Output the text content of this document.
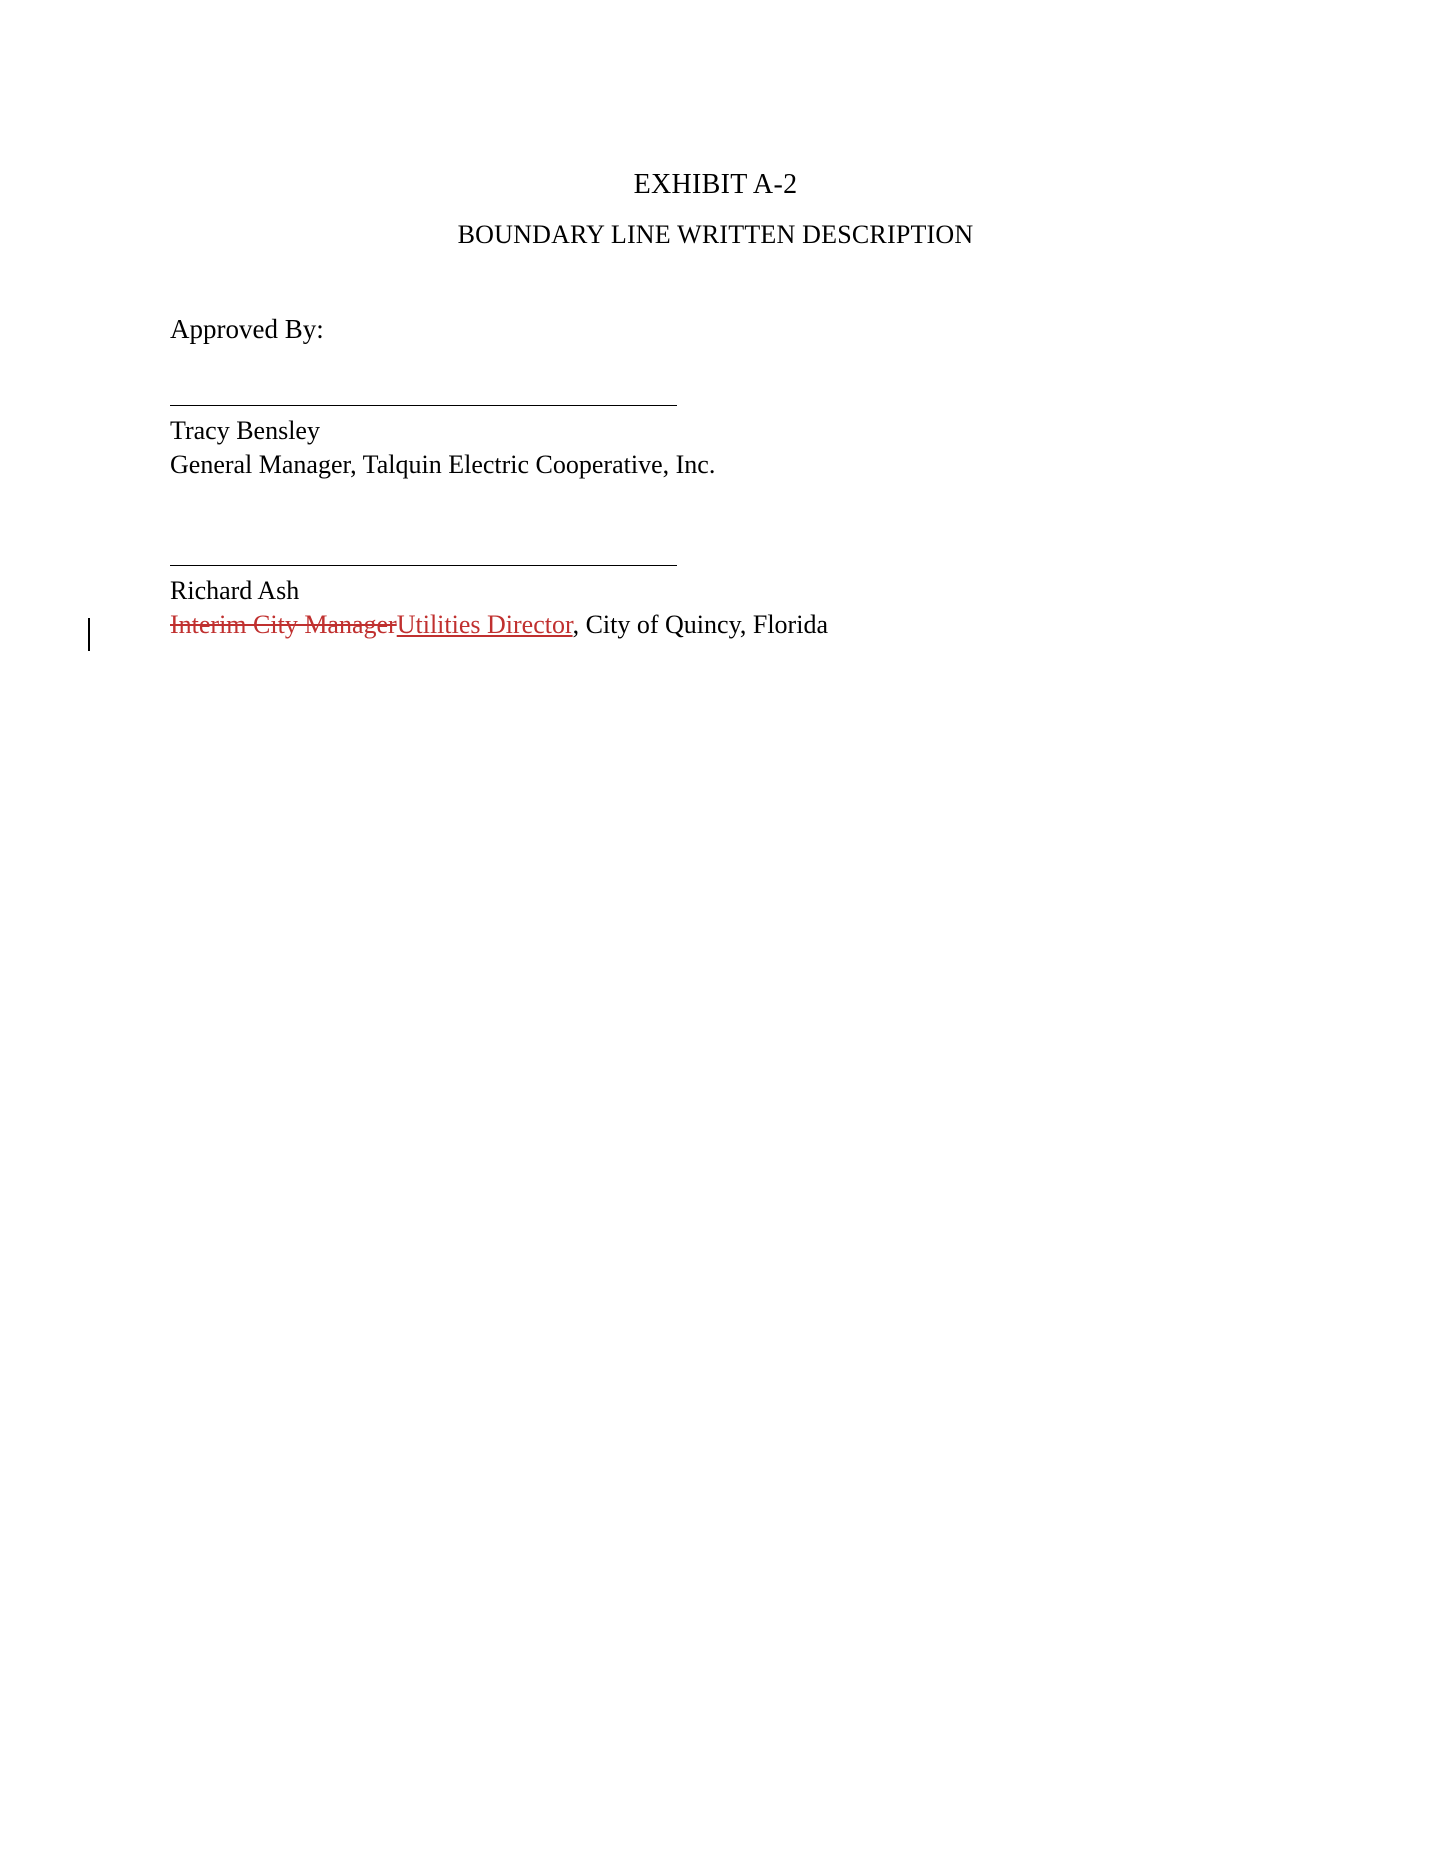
EXHIBIT A-2
BOUNDARY LINE WRITTEN DESCRIPTION
Approved By:
Tracy Bensley
General Manager, Talquin Electric Cooperative, Inc.
Richard Ash
Interim City ManagerUtilities Director, City of Quincy, Florida
